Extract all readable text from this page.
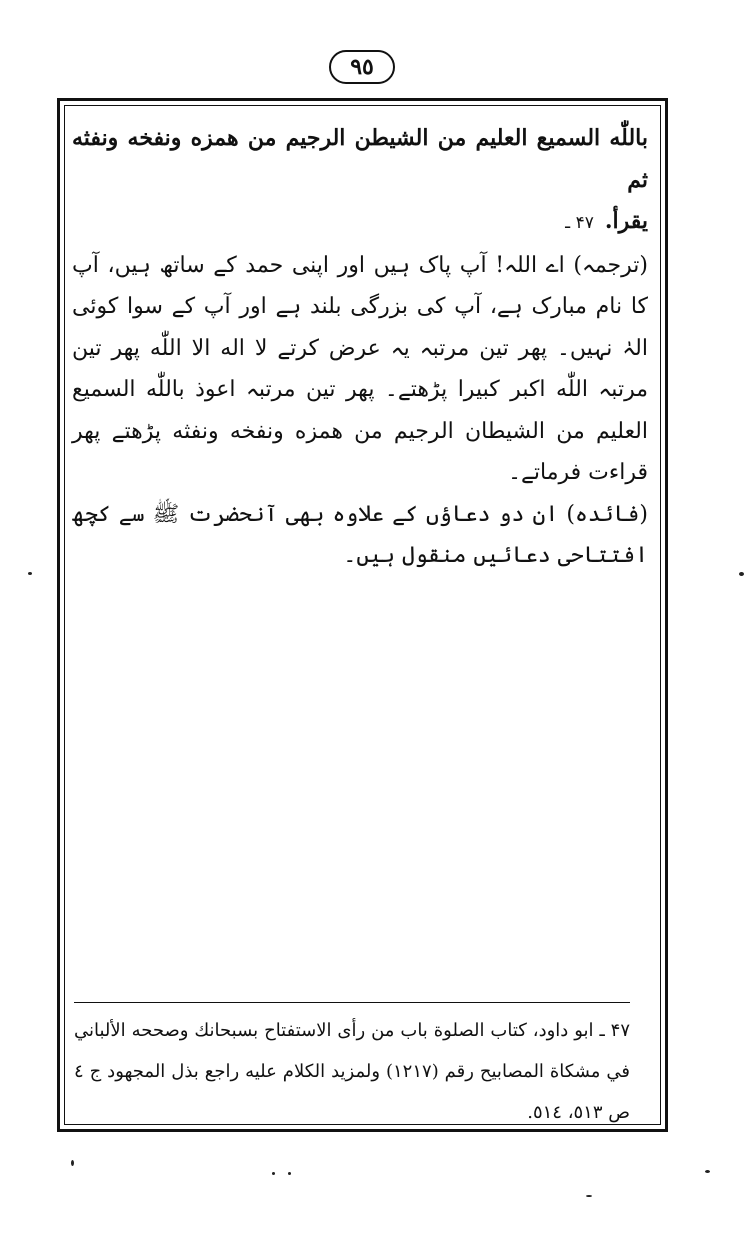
٩٥

باللّٰه السميع العليم من الشيطن الرجيم من همزه ونفخه ونفثه ثم

يقرأ. ۴۷ ـ

(ترجمہ) اے اللہ! آپ پاک ہیں اور اپنی حمد کے ساتھ ہیں، آپ کا نام مبارک ہے، آپ کی بزرگی بلند ہے اور آپ کے سوا کوئی الہٰ نہیں۔ پھر تین مرتبہ یہ عرض کرتے لا اله الا اللّٰه پھر تین مرتبہ اللّٰه اکبر کبیرا پڑھتے۔ پھر تین مرتبہ اعوذ باللّٰه السميع العليم من الشيطان الرجيم من همزه ونفخه ونفثه پڑھتے پھر قراءت فرماتے۔

(فائدہ) ان دو دعاؤں کے علاوہ بھی آنحضرت ﷺ سے کچھ افتتاحی دعائیں منقول ہیں۔

۴۷ ـ ابو داود، كتاب الصلوة باب من رأى الاستفتاح بسبحانك وصححه الألباني في مشكاة المصابيح رقم (١٢١٧) ولمزيد الكلام عليه راجع بذل المجهود ج ٤ ص ٥١٣، ٥١٤.
